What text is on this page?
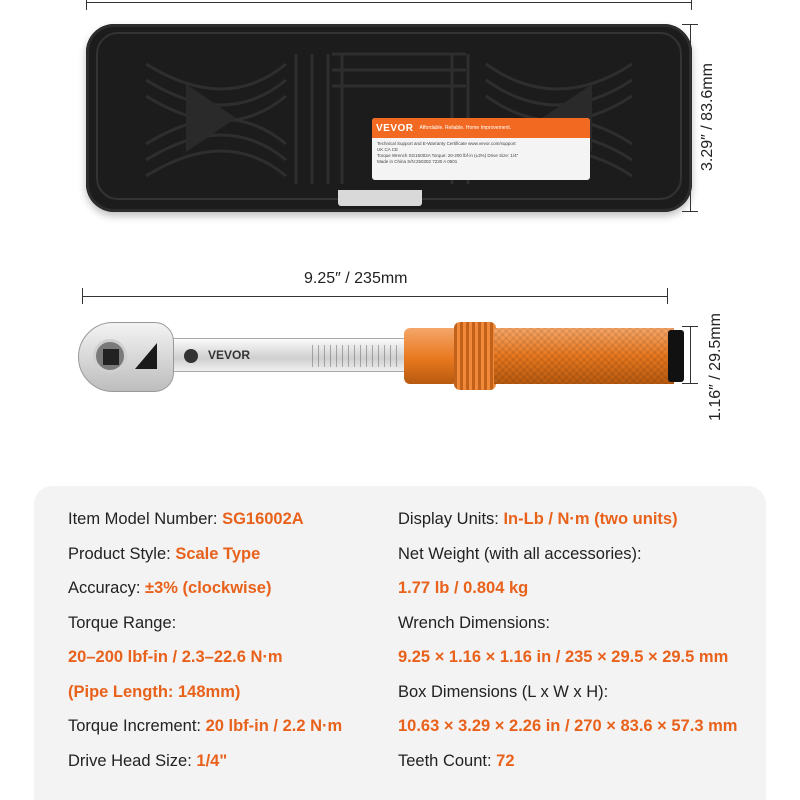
VEVOR Affordable. Reliable. Home Improvement.
Technical Support and E-Warranty Certificate www.vevor.com/support
UK CA CE
Torque Wrench SG16002A Torque: 20-200 lbf·in (±3%) Drive Size: 1/4"
Made in China S/N:250302 7230 A 0501	3.29″ / 83.6mm
9.25″ / 235mm
VEVOR	1.16″ / 29.5mm
Item Model Number: SG16002A
Product Style: Scale Type
Accuracy: ±3% (clockwise)
Torque Range:
20–200 lbf-in / 2.3–22.6 N·m
(Pipe Length: 148mm)
Torque Increment: 20 lbf-in / 2.2 N·m
Drive Head Size: 1/4"
Display Units: In-Lb / N·m (two units)
Net Weight (with all accessories):
1.77 lb / 0.804 kg
Wrench Dimensions:
9.25 × 1.16 × 1.16 in / 235 × 29.5 × 29.5 mm
Box Dimensions (L x W x H):
10.63 × 3.29 × 2.26 in / 270 × 83.6 × 57.3 mm
Teeth Count: 72
